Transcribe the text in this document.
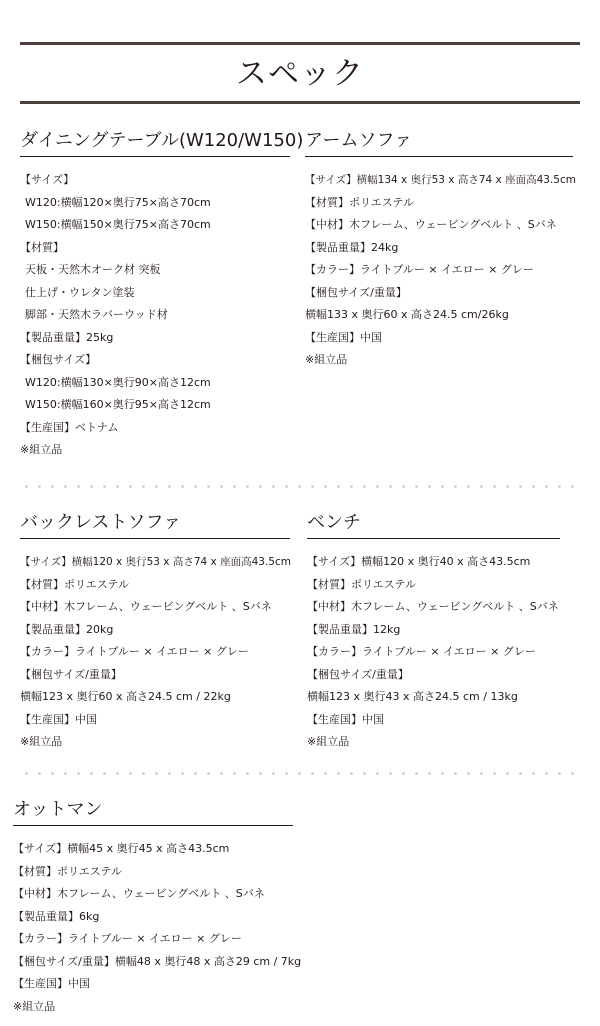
スペック
ダイニングテーブル(W120/W150)
【サイズ】
W120:横幅120×奥行75×高さ70cm
W150:横幅150×奥行75×高さ70cm
【材質】
天板・天然木オーク材 突板
仕上げ・ウレタン塗装
脚部・天然木ラバーウッド材
【製品重量】25kg
【梱包サイズ】
W120:横幅130×奥行90×高さ12cm
W150:横幅160×奥行95×高さ12cm
【生産国】ベトナム
※組立品
アームソファ
【サイズ】横幅134 x 奥行53 x 高さ74 x 座面高43.5cm
【材質】ポリエステル
【中材】木フレーム、ウェービングベルト 、Sバネ
【製品重量】24kg
【カラー】ライトブルー × イエロー × グレー
【梱包サイズ/重量】
横幅133 x 奥行60 x 高さ24.5 cm/26kg
【生産国】中国
※組立品
バックレストソファ
【サイズ】横幅120 x 奥行53 x 高さ74 x 座面高43.5cm
【材質】ポリエステル
【中材】木フレーム、ウェービングベルト 、Sバネ
【製品重量】20kg
【カラー】ライトブルー × イエロー × グレー
【梱包サイズ/重量】
横幅123 x 奥行60 x 高さ24.5 cm / 22kg
【生産国】中国
※組立品
ベンチ
【サイズ】横幅120 x 奥行40 x 高さ43.5cm
【材質】ポリエステル
【中材】木フレーム、ウェービングベルト 、Sバネ
【製品重量】12kg
【カラー】ライトブルー × イエロー × グレー
【梱包サイズ/重量】
横幅123 x 奥行43 x 高さ24.5 cm / 13kg
【生産国】中国
※組立品
オットマン
【サイズ】横幅45 x 奥行45 x 高さ43.5cm
【材質】ポリエステル
【中材】木フレーム、ウェービングベルト 、Sバネ
【製品重量】6kg
【カラー】ライトブルー × イエロー × グレー
【梱包サイズ/重量】横幅48 x 奥行48 x 高さ29 cm / 7kg
【生産国】中国
※組立品
